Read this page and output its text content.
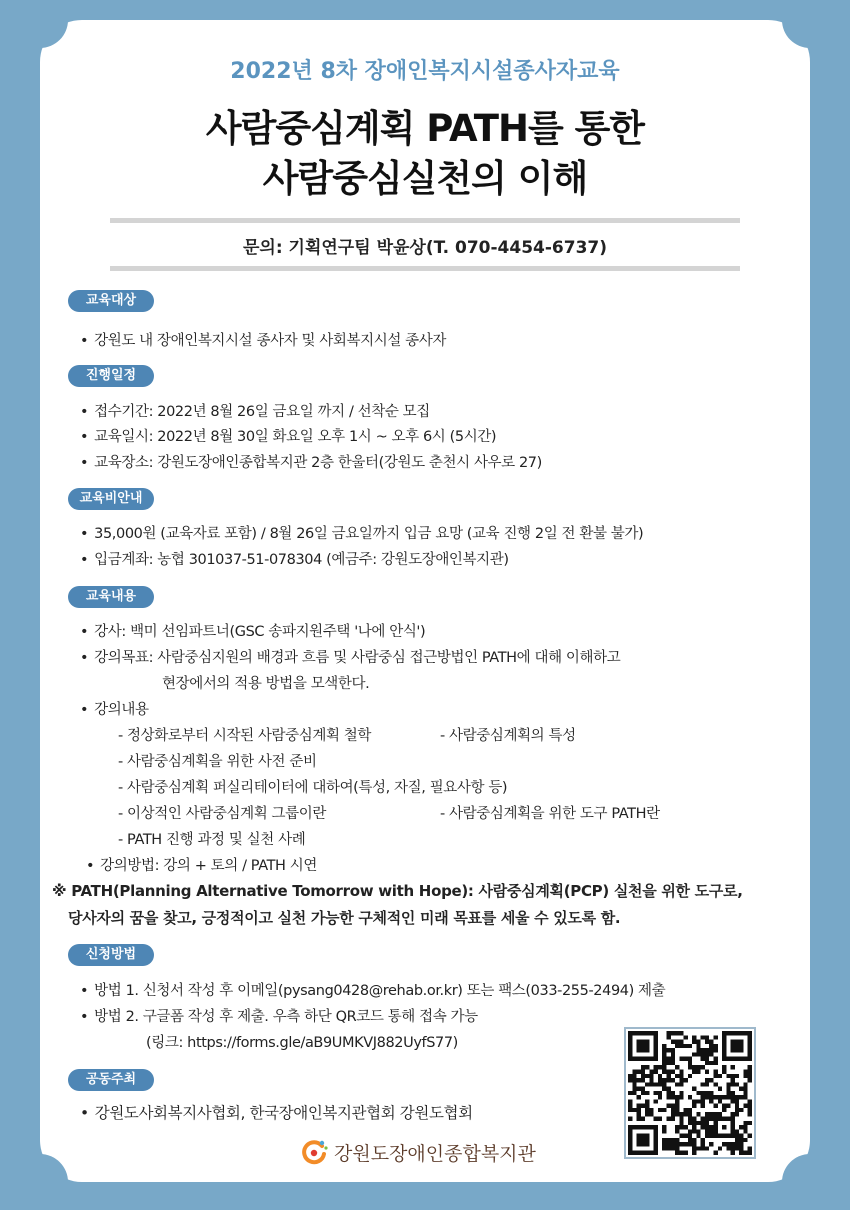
2022년 8차 장애인복지시설종사자교육
사람중심계획 PATH를 통한
사람중심실천의 이해
문의: 기획연구팀 박윤상(T. 070-4454-6737)
교육대상
• 강원도 내 장애인복지시설 종사자 및 사회복지시설 종사자
진행일정
• 접수기간: 2022년 8월 26일 금요일 까지 / 선착순 모집
• 교육일시: 2022년 8월 30일 화요일 오후 1시 ~ 오후 6시 (5시간)
• 교육장소: 강원도장애인종합복지관 2층 한울터(강원도 춘천시 사우로 27)
교육비안내
• 35,000원 (교육자료 포함) / 8월 26일 금요일까지 입금 요망 (교육 진행 2일 전 환불 불가)
• 입금계좌: 농협 301037-51-078304 (예금주: 강원도장애인복지관)
교육내용
• 강사: 백미 선임파트너(GSC 송파지원주택 '나에 안식')
• 강의목표: 사람중심지원의 배경과 흐름 및 사람중심 접근방법인 PATH에 대해 이해하고
현장에서의 적용 방법을 모색한다.
• 강의내용
- 정상화로부터 시작된 사람중심계획 철학	- 사람중심계획의 특성
- 사람중심계획을 위한 사전 준비
- 사람중심계획 퍼실리테이터에 대하여(특성, 자질, 필요사항 등)
- 이상적인 사람중심계획 그룹이란	- 사람중심계획을 위한 도구 PATH란
- PATH 진행 과정 및 실천 사례
• 강의방법: 강의 + 토의 / PATH 시연
※ PATH(Planning Alternative Tomorrow with Hope): 사람중심계획(PCP) 실천을 위한 도구로,
당사자의 꿈을 찾고, 긍정적이고 실천 가능한 구체적인 미래 목표를 세울 수 있도록 함.
신청방법
• 방법 1. 신청서 작성 후 이메일(pysang0428@rehab.or.kr) 또는 팩스(033-255-2494) 제출
• 방법 2. 구글폼 작성 후 제출. 우측 하단 QR코드 통해 접속 가능
(링크: https://forms.gle/aB9UMKVJ882UyfS77)
공동주최
• 강원도사회복지사협회, 한국장애인복지관협회 강원도협회
강원도장애인종합복지관
